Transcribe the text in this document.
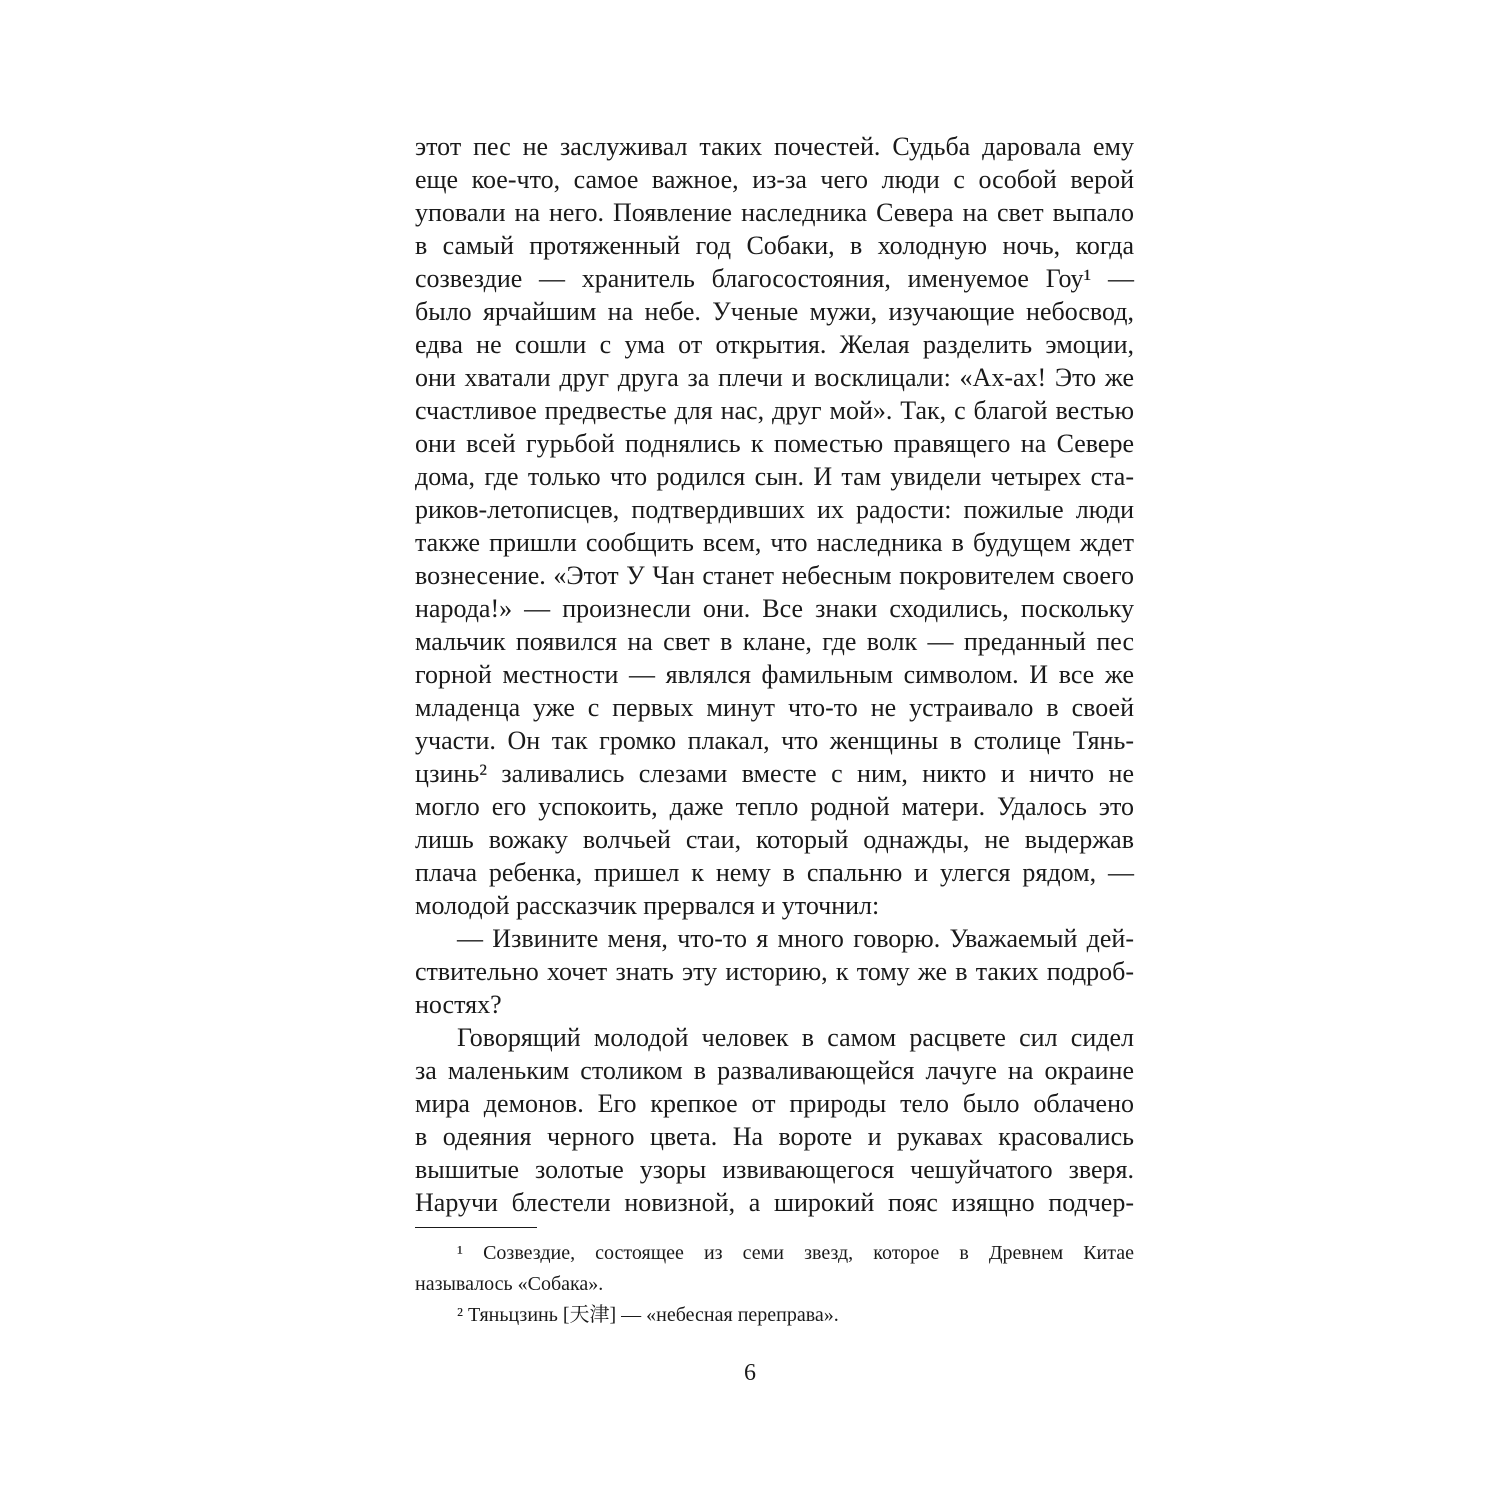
этот пес не заслуживал таких почестей. Судьба даровала ему
еще кое-что, самое важное, из-за чего люди с особой верой
уповали на него. Появление наследника Севера на свет выпало
в самый протяженный год Собаки, в холодную ночь, когда
созвездие — хранитель благосостояния, именуемое Гоу¹ —
было ярчайшим на небе. Ученые мужи, изучающие небосвод,
едва не сошли с ума от открытия. Желая разделить эмоции,
они хватали друг друга за плечи и восклицали: «Ах-ах! Это же
счастливое предвестье для нас, друг мой». Так, с благой вестью
они всей гурьбой поднялись к поместью правящего на Севере
дома, где только что родился сын. И там увидели четырех ста-
риков-летописцев, подтвердивших их радости: пожилые люди
также пришли сообщить всем, что наследника в будущем ждет
вознесение. «Этот У Чан станет небесным покровителем своего
народа!» — произнесли они. Все знаки сходились, поскольку
мальчик появился на свет в клане, где волк — преданный пес
горной местности — являлся фамильным символом. И все же
младенца уже с первых минут что-то не устраивало в своей
участи. Он так громко плакал, что женщины в столице Тянь-
цзинь² заливались слезами вместе с ним, никто и ничто не
могло его успокоить, даже тепло родной матери. Удалось это
лишь вожаку волчьей стаи, который однажды, не выдержав
плача ребенка, пришел к нему в спальню и улегся рядом, —
молодой рассказчик прервался и уточнил:
— Извините меня, что-то я много говорю. Уважаемый дей-
ствительно хочет знать эту историю, к тому же в таких подроб-
ностях?
Говорящий молодой человек в самом расцвете сил сидел
за маленьким столиком в разваливающейся лачуге на окраине
мира демонов. Его крепкое от природы тело было облачено
в одеяния черного цвета. На вороте и рукавах красовались
вышитые золотые узоры извивающегося чешуйчатого зверя.
Наручи блестели новизной, а широкий пояс изящно подчер-
¹ Созвездие, состоящее из семи звезд, которое в Древнем Китае
называлось «Собака».
² Тяньцзинь [天津] — «небесная переправа».
6
